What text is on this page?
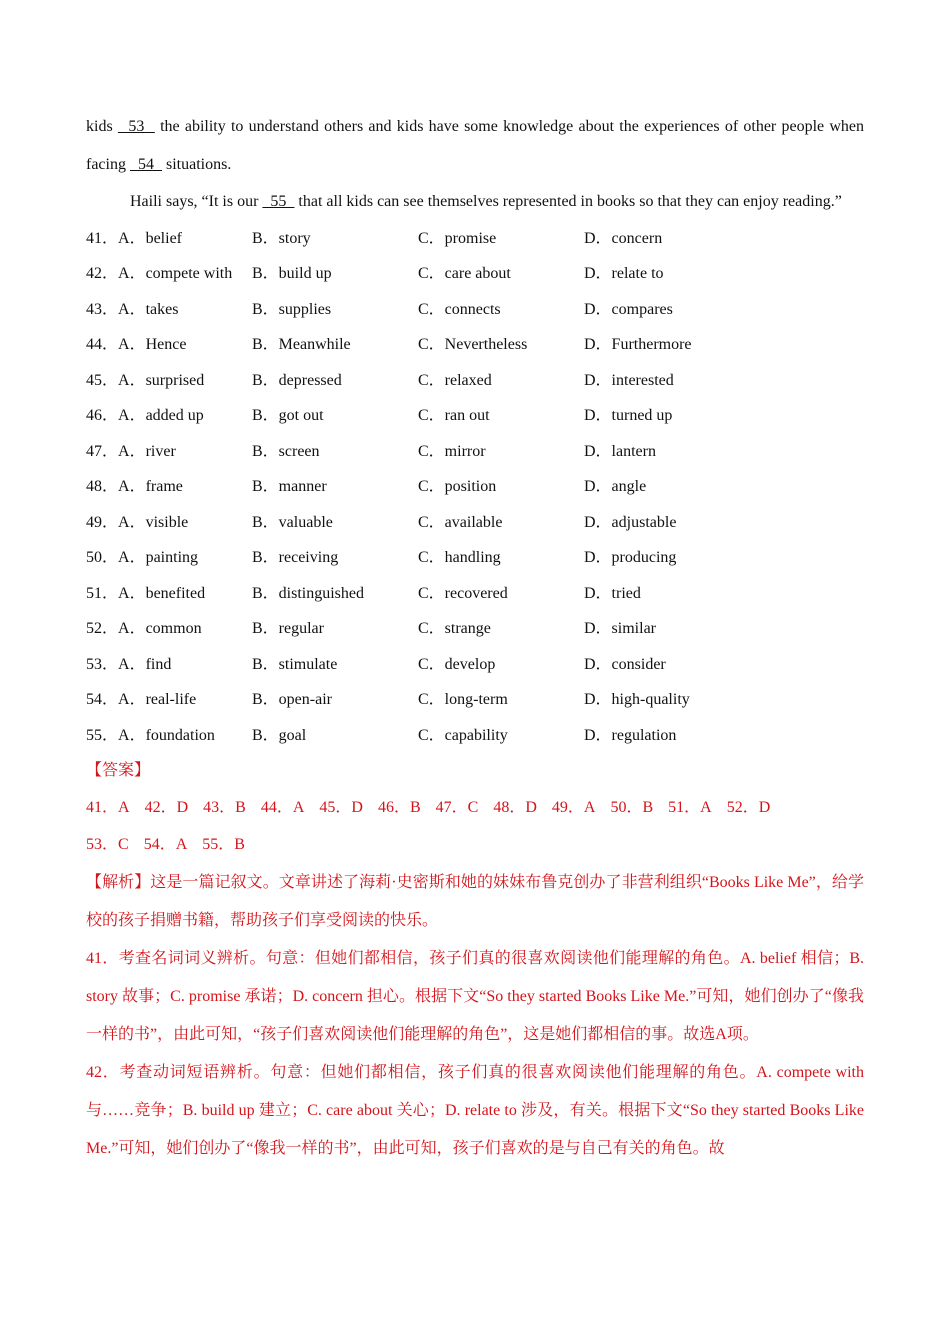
kids   53   the ability to understand others and kids have some knowledge about the experiences of other people when facing   54   situations.

Haili says, “It is our   55   that all kids can see themselves represented in books so that they can enjoy reading.”

41．A．belief	B．story	C．promise	D．concern
42．A．compete with B．build up	C．care about	D．relate to
43．A．takes	B．supplies	C．connects	D．compares
44．A．Hence	B．Meanwhile	C．Nevertheless	D．Furthermore
45．A．surprised	B．depressed	C．relaxed	D．interested
46．A．added up	B．got out	C．ran out	D．turned up
47．A．river	B．screen	C．mirror	D．lantern
48．A．frame	B．manner	C．position	D．angle
49．A．visible	B．valuable	C．available	D．adjustable
50．A．painting	B．receiving	C．handling	D．producing
51．A．benefited	B．distinguished	C．recovered	D．tried
52．A．common	B．regular	C．strange	D．similar
53．A．find	B．stimulate	C．develop	D．consider
54．A．real-life	B．open-air	C．long-term	D．high-quality
55．A．foundation B．goal	C．capability	D．regulation
【答案】
41．A 42．D 43．B 44．A 45．D 46．B 47．C 48．D 49．A 50．B 51．A 52．D
53．C 54．A 55．B

【解析】这是一篇记叙文。文章讲述了海莉·史密斯和她的妹妹布鲁克创办了非营利组织“Books Like Me”，给学校的孩子捐赠书籍，帮助孩子们享受阅读的快乐。

41．考查名词词义辨析。句意：但她们都相信，孩子们真的很喜欢阅读他们能理解的角色。A. belief 相信；B. story 故事；C. promise 承诺；D. concern 担心。根据下文“So they started Books Like Me.”可知，她们创办了“像我一样的书”，由此可知，“孩子们喜欢阅读他们能理解的角色”，这是她们都相信的事。故选A项。

42．考查动词短语辨析。句意：但她们都相信，孩子们真的很喜欢阅读他们能理解的角色。A. compete with 与……竞争；B. build up 建立；C. care about 关心；D. relate to 涉及，有关。根据下文“So they started Books Like Me.”可知，她们创办了“像我一样的书”，由此可知，孩子们喜欢的是与自己有关的角色。故
